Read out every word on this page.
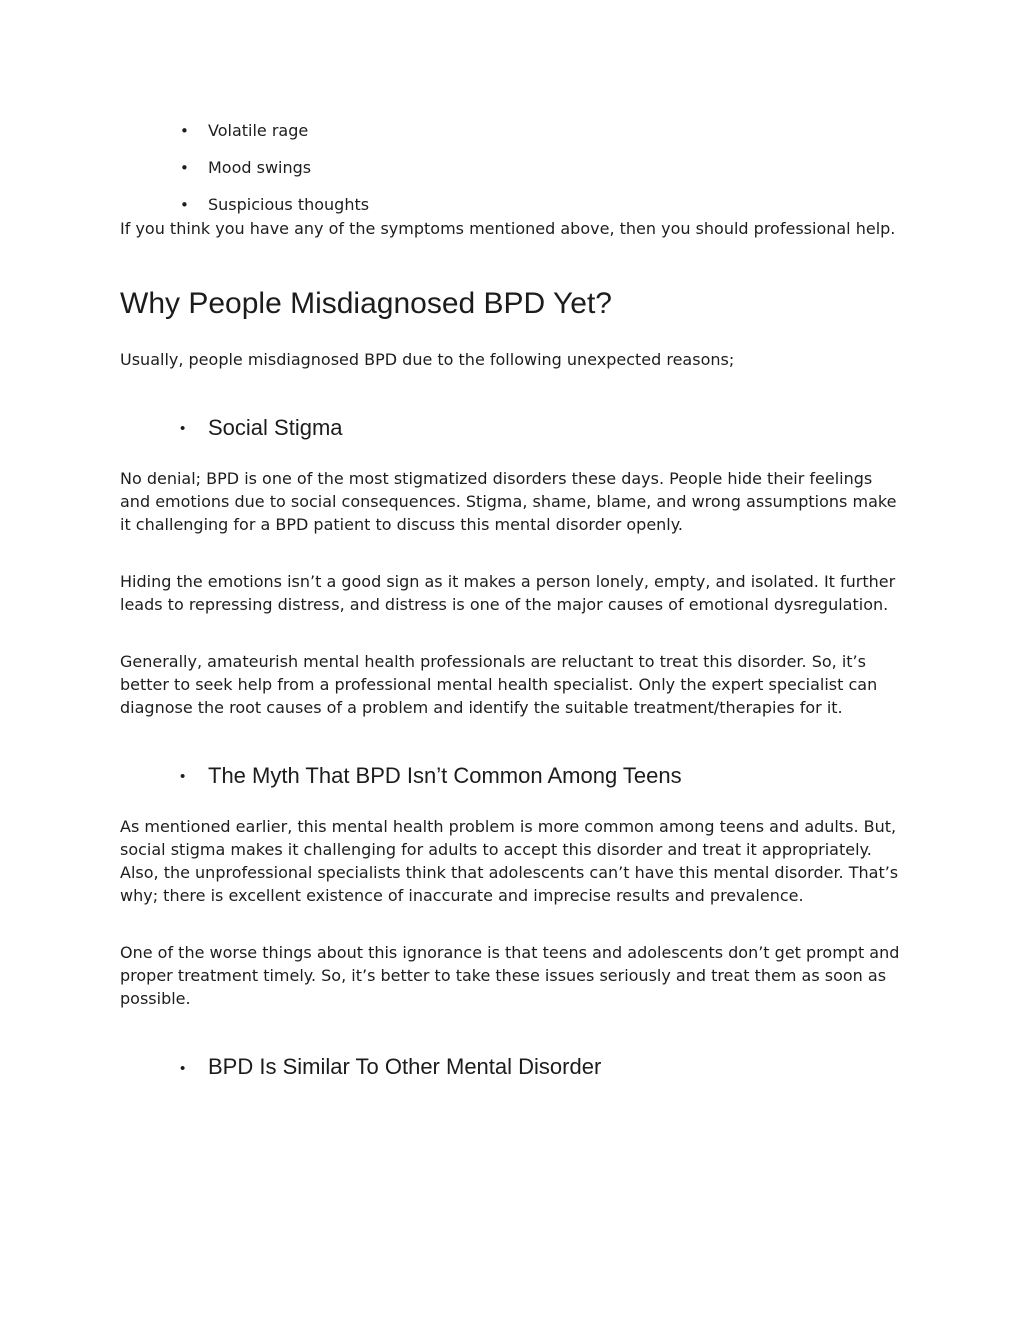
• Volatile rage
• Mood swings
• Suspicious thoughts

If you think you have any of the symptoms mentioned above, then you should professional help.

Why People Misdiagnosed BPD Yet?

Usually, people misdiagnosed BPD due to the following unexpected reasons;

• Social Stigma

No denial; BPD is one of the most stigmatized disorders these days. People hide their feelings and emotions due to social consequences. Stigma, shame, blame, and wrong assumptions make it challenging for a BPD patient to discuss this mental disorder openly.

Hiding the emotions isn’t a good sign as it makes a person lonely, empty, and isolated. It further leads to repressing distress, and distress is one of the major causes of emotional dysregulation.

Generally, amateurish mental health professionals are reluctant to treat this disorder. So, it’s better to seek help from a professional mental health specialist. Only the expert specialist can diagnose the root causes of a problem and identify the suitable treatment/therapies for it.

• The Myth That BPD Isn’t Common Among Teens

As mentioned earlier, this mental health problem is more common among teens and adults. But, social stigma makes it challenging for adults to accept this disorder and treat it appropriately. Also, the unprofessional specialists think that adolescents can’t have this mental disorder. That’s why; there is excellent existence of inaccurate and imprecise results and prevalence.

One of the worse things about this ignorance is that teens and adolescents don’t get prompt and proper treatment timely. So, it’s better to take these issues seriously and treat them as soon as possible.

• BPD Is Similar To Other Mental Disorder
